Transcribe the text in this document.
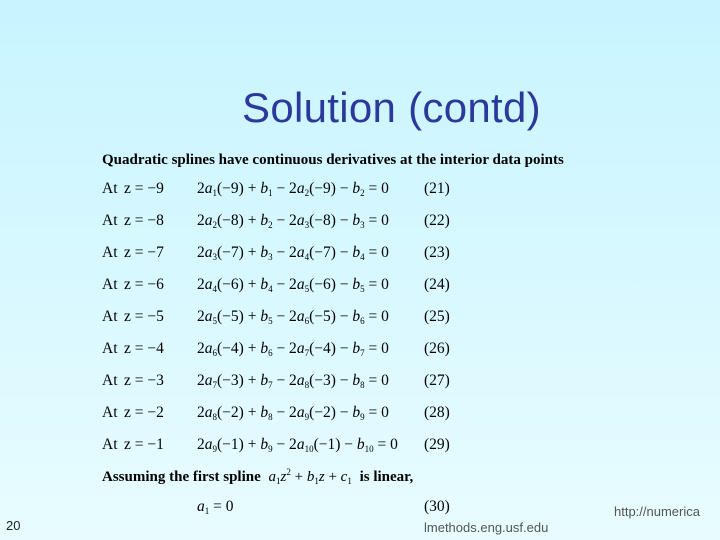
Solution (contd)
Quadratic splines have continuous derivatives at the interior data points
At z = −9 $2a_1(-9) + b_1 - 2a_2(-9) - b_2 = 0$ (21)
At z = −8 $2a_2(-8) + b_2 - 2a_3(-8) - b_3 = 0$ (22)
At z = −7 $2a_3(-7) + b_3 - 2a_4(-7) - b_4 = 0$ (23)
At z = −6 $2a_4(-6) + b_4 - 2a_5(-6) - b_5 = 0$ (24)
At z = −5 $2a_5(-5) + b_5 - 2a_6(-5) - b_6 = 0$ (25)
At z = −4 $2a_6(-4) + b_6 - 2a_7(-4) - b_7 = 0$ (26)
At z = −3 $2a_7(-3) + b_7 - 2a_8(-3) - b_8 = 0$ (27)
At z = −2 $2a_8(-2) + b_8 - 2a_9(-2) - b_9 = 0$ (28)
At z = −1 $2a_9(-1) + b_9 - 2a_{10}(-1) - b_{10} = 0$ (29)
Assuming the first spline $a_1z^2 + b_1z + c_1$ is linear,
$a_1 = 0$	(30)
20
http://numerica
lmethods.eng.usf.edu
